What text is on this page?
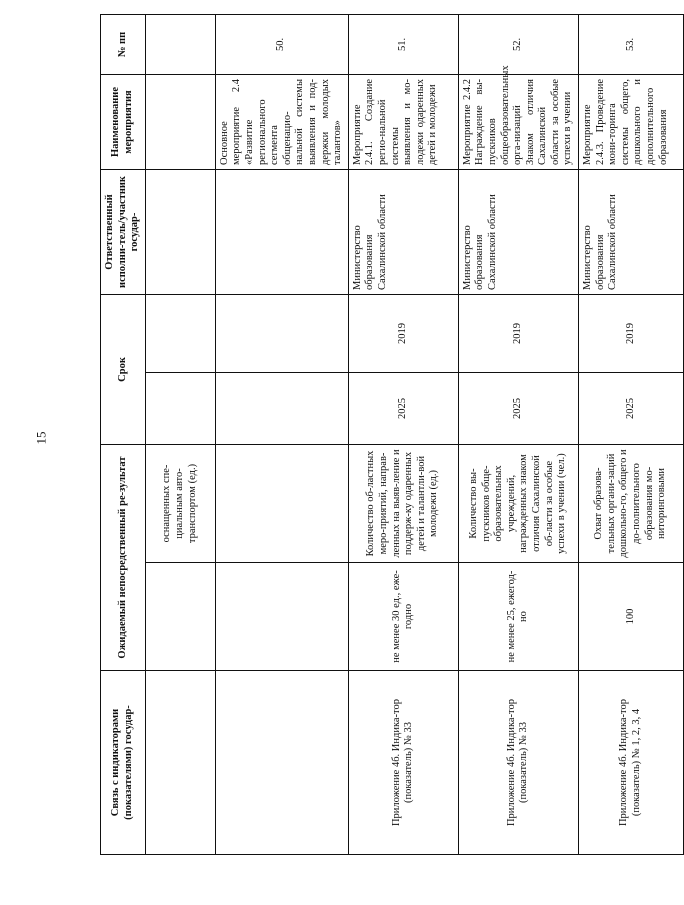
15
Связь с индикаторами (показателями) государ-	Ожидаемый непосредственный ре-зультат		Срок		Ответственный исполни-тель/участник государ-	Наименование мероприятия	№ пп
		оснащенных спе-циальным авто-транспортом (ед.)					
						Основное мероприятие 2.4 «Развитие регионального сегмента общенацио-нальной системы выявления и под-держки молодых талантов»	50.
Приложение 4б. Индика-тор (показатель) № 33	не менее 30 ед., еже-годно	Количество об-ластных меро-приятий, направ-ленных на выяв-ление и поддерж-ку одаренных детей и талантли-вой молодежи (ед.)	2025	2019	Министерство образования Сахалинской области	Мероприятие 2.4.1. Создание регио-нальной системы выявления и мо-лодежи одаренных детей и молодежи	51.
Приложение 4б. Индика-тор (показатель) № 33	не менее 25, ежегод-но	Количество вы-пускников обще-образовательных учреждений, награжденных знаком отличия Сахалинской об-ласти за особые успехи в учении (чел.)	2025	2019	Министерство образования Сахалинской области	Мероприятие 2.4.2 Награждение вы-пускников общеобразовательных орга-низаций Знаком отличия Сахалинской области за особые успехи в учении	52.
Приложение 4б. Индика-тор (показатель) № 1, 2, 3, 4	100	Охват образова-тельных органи-заций дошкольно-го, общего и до-полнительного образования мо-ниторинговыми	2025	2019	Министерство образования Сахалинской области	Мероприятие 2.4.3. Проведение мони-торинга системы общего, дошкольного и дополнительного образования	53.
